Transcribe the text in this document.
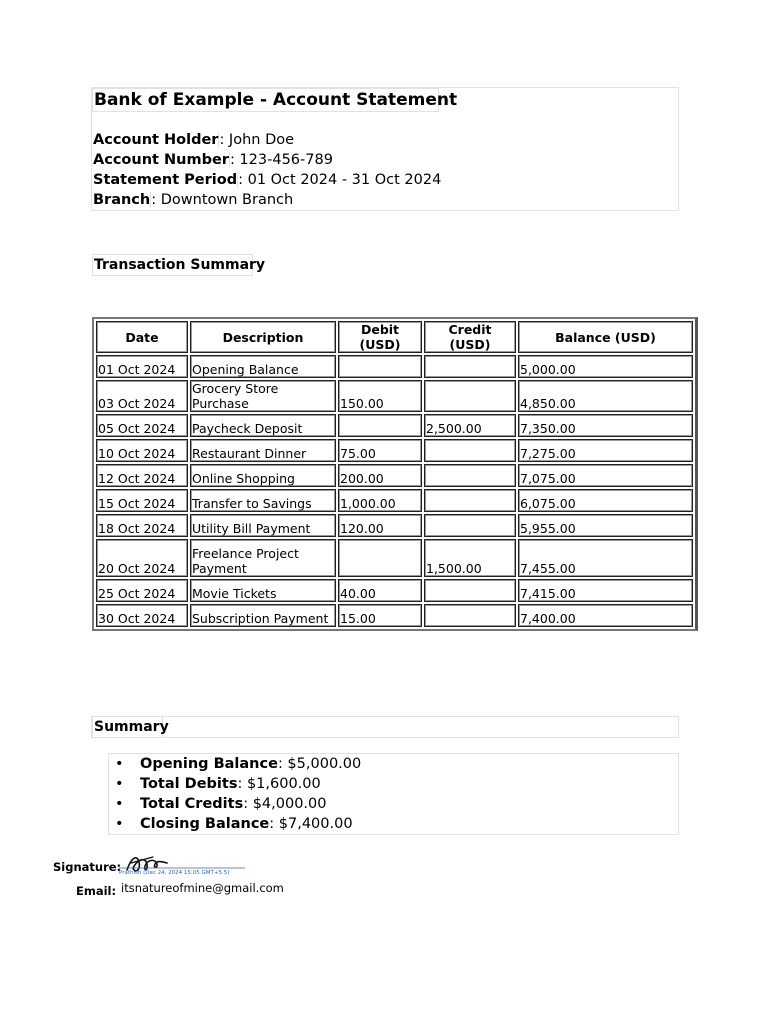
Bank of Example - Account Statement
Account Holder: John Doe
Account Number: 123-456-789
Statement Period: 01 Oct 2024 - 31 Oct 2024
Branch: Downtown Branch
Transaction Summary
Date	Description	Debit (USD)	Credit (USD)	Balance (USD)
01 Oct 2024	Opening Balance			5,000.00
03 Oct 2024	Grocery Store Purchase	150.00		4,850.00
05 Oct 2024	Paycheck Deposit		2,500.00	7,350.00
10 Oct 2024	Restaurant Dinner	75.00		7,275.00
12 Oct 2024	Online Shopping	200.00		7,075.00
15 Oct 2024	Transfer to Savings	1,000.00		6,075.00
18 Oct 2024	Utility Bill Payment	120.00		5,955.00
20 Oct 2024	Freelance Project Payment		1,500.00	7,455.00
25 Oct 2024	Movie Tickets	40.00		7,415.00
30 Oct 2024	Subscription Payment	15.00		7,400.00
Summary
• Opening Balance: $5,000.00
• Total Debits: $1,600.00
• Total Credits: $4,000.00
• Closing Balance: $7,400.00
Signature:
Prathish (Dec 24, 2024 15:05 GMT+5.5)
Email: itsnatureofmine@gmail.com
